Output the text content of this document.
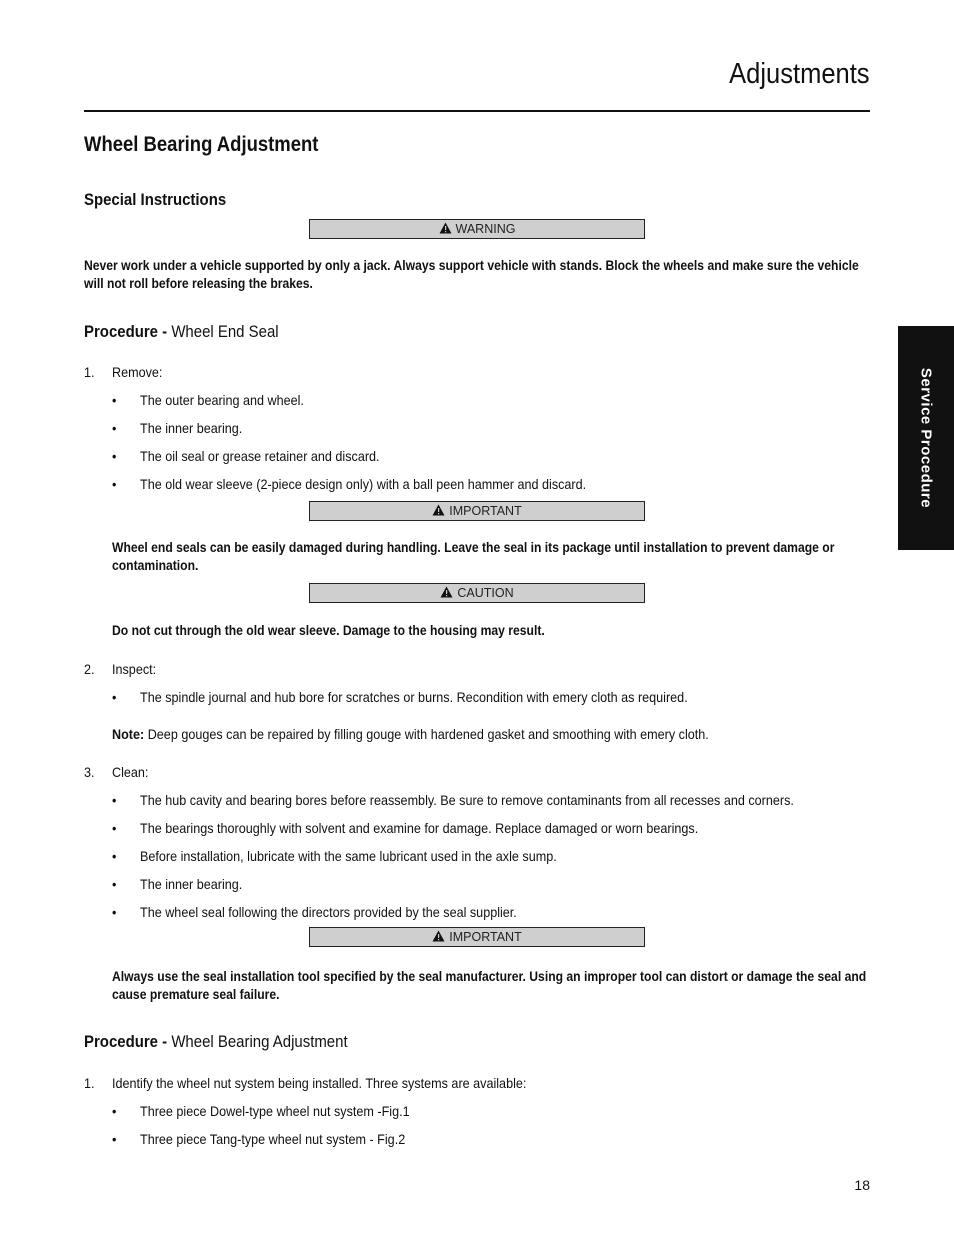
Adjustments
Wheel Bearing Adjustment
Special Instructions
WARNING
Never work under a vehicle supported by only a jack. Always support vehicle with stands. Block the wheels and make sure the vehicle will not roll before releasing the brakes.
Procedure - Wheel End Seal
1. Remove:
•	The outer bearing and wheel.
•	The inner bearing.
•	The oil seal or grease retainer and discard.
•	The old wear sleeve (2-piece design only) with a ball peen hammer and discard.
IMPORTANT
Wheel end seals can be easily damaged during handling. Leave the seal in its package until installation to prevent damage or contamination.
CAUTION
Do not cut through the old wear sleeve. Damage to the housing may result.
2. Inspect:
•	The spindle journal and hub bore for scratches or burns. Recondition with emery cloth as required.
Note: Deep gouges can be repaired by filling gouge with hardened gasket and smoothing with emery cloth.
3. Clean:
•	The hub cavity and bearing bores before reassembly. Be sure to remove contaminants from all recesses and corners.
•	The bearings thoroughly with solvent and examine for damage. Replace damaged or worn bearings.
•	Before installation, lubricate with the same lubricant used in the axle sump.
•	The inner bearing.
•	The wheel seal following the directors provided by the seal supplier.
IMPORTANT
Always use the seal installation tool specified by the seal manufacturer. Using an improper tool can distort or damage the seal and cause premature seal failure.
Procedure - Wheel Bearing Adjustment
1. Identify the wheel nut system being installed. Three systems are available:
•	Three piece Dowel-type wheel nut system -Fig.1
•	Three piece Tang-type wheel nut system - Fig.2
Service Procedure
18
